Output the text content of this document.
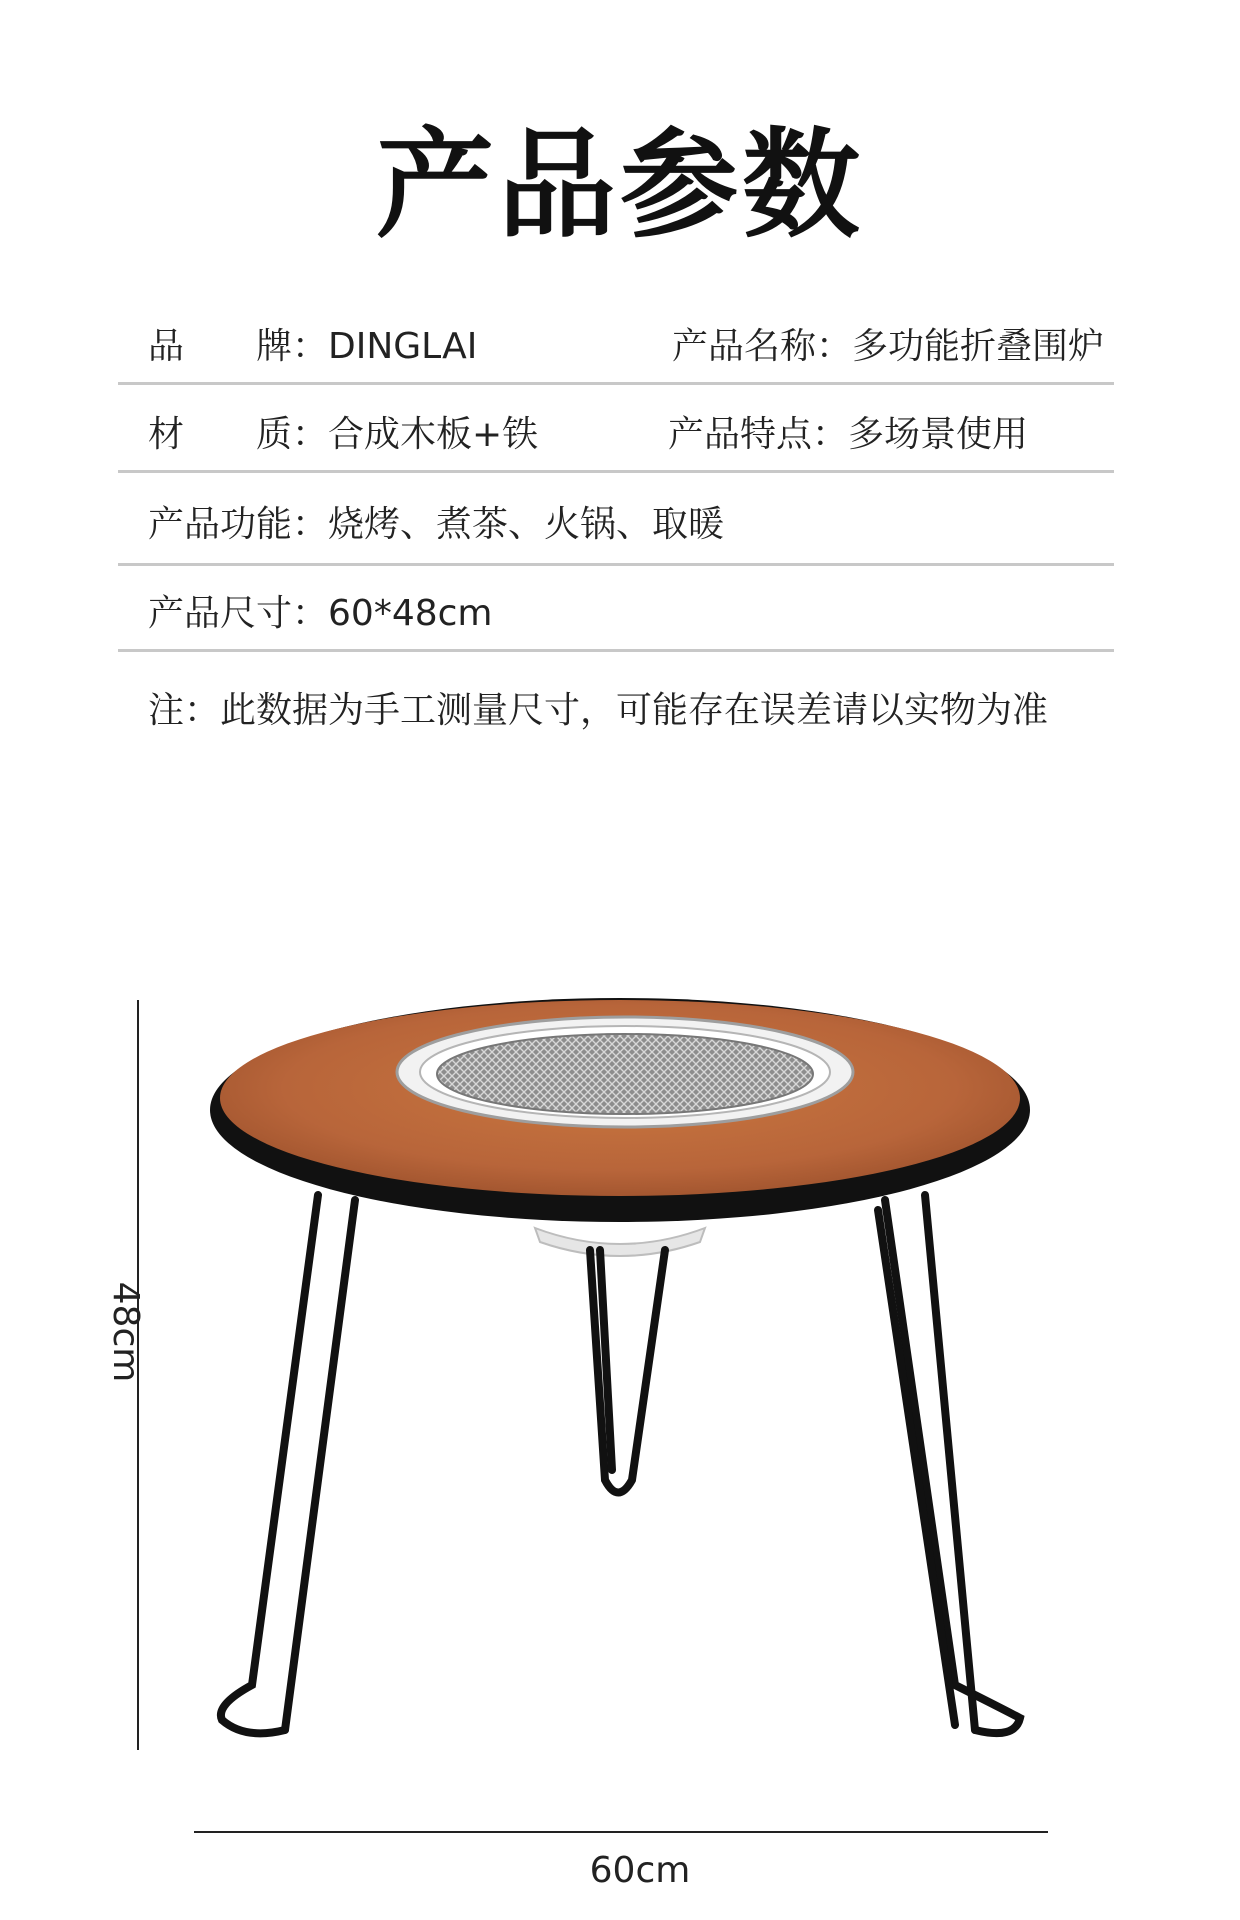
产品参数
品　　牌：DINGLAI	产品名称：多功能折叠围炉
材　　质：合成木板+铁	产品特点：多场景使用
产品功能：烧烤、煮茶、火锅、取暖
产品尺寸：60*48cm
注：此数据为手工测量尺寸，可能存在误差请以实物为准
48cm
60cm
